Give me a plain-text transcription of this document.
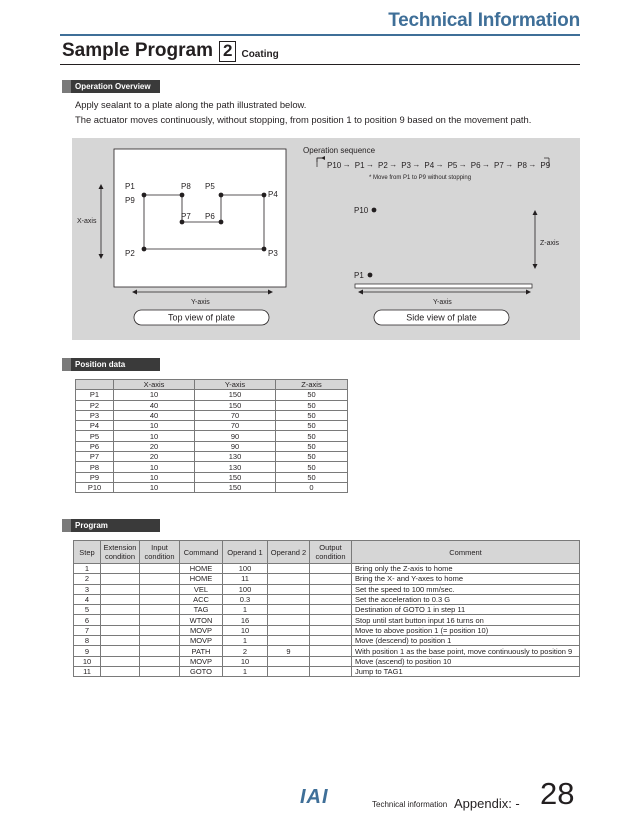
Technical Information
Sample Program 2 Coating
Operation Overview
Apply sealant to a plate along the path illustrated below.
The actuator moves continuously, without stopping, from position 1 to position 9 based on the movement path.
P1
P9
P2	P3
P4
P5
P6
P7
P8
X-axis
Y-axis
Top view of plate
Operation sequence
P10 → P1 → P2 → P3 → P4 → P5 → P6 → P7 → P8 → P9
* Move from P1 to P9 without stopping
P10
P1
Z-axis
Y-axis
Side view of plate
Position data
	X-axis	Y-axis	Z-axis
P1	10	150	50
P2	40	150	50
P3	40	70	50
P4	10	70	50
P5	10	90	50
P6	20	90	50
P7	20	130	50
P8	10	130	50
P9	10	150	50
P10	10	150	0
Program
Step	Extension condition	Input condition	Command	Operand 1	Operand 2	Output condition	Comment
1			HOME	100			Bring only the Z-axis to home
2			HOME	11			Bring the X- and Y-axes to home
3			VEL	100			Set the speed to 100 mm/sec.
4			ACC	0.3			Set the acceleration to 0.3 G
5			TAG	1			Destination of GOTO 1 in step 11
6			WTON	16			Stop until start button input 16 turns on
7			MOVP	10			Move to above position 1 (= position 10)
8			MOVP	1			Move (descend) to position 1
9			PATH	2	9		With position 1 as the base point, move continuously to position 9
10			MOVP	10			Move (ascend) to position 10
11			GOTO	1			Jump to TAG1
IAI	Technical information Appendix: - 28
